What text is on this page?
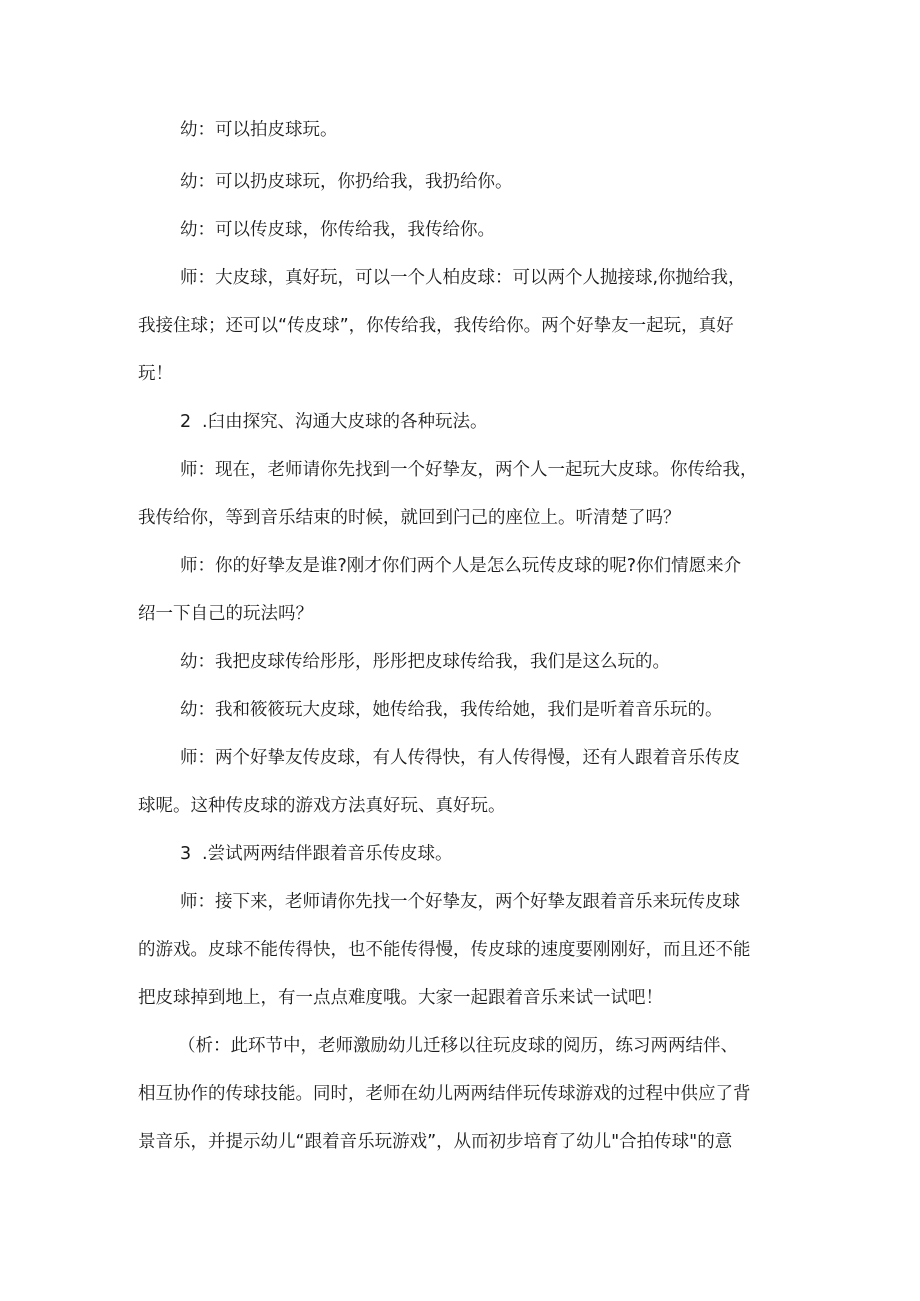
幼：可以拍皮球玩。

幼：可以扔皮球玩，你扔给我，我扔给你。

幼：可以传皮球，你传给我，我传给你。

师：大皮球，真好玩，可以一个人柏皮球：可以两个人抛接球,你抛给我，
我接住球；还可以“传皮球”，你传给我，我传给你。两个好挚友一起玩，真好
玩！

2 .臼由探究、沟通大皮球的各种玩法。

师：现在，老师请你先找到一个好挚友，两个人一起玩大皮球。你传给我，
我传给你，等到音乐结束的时候，就回到闩己的座位上。听清楚了吗？

师：你的好挚友是谁?刚才你们两个人是怎么玩传皮球的呢?你们情愿来介
绍一下自己的玩法吗？

幼：我把皮球传给彤彤，彤彤把皮球传给我，我们是这么玩的。

幼：我和筱筱玩大皮球，她传给我，我传给她，我们是听着音乐玩的。

师：两个好挚友传皮球，有人传得快，有人传得慢，还有人跟着音乐传皮
球呢。这种传皮球的游戏方法真好玩、真好玩。

3 .尝试两两结伴跟着音乐传皮球。

师：接下来，老师请你先找一个好挚友，两个好挚友跟着音乐来玩传皮球
的游戏。皮球不能传得快，也不能传得慢，传皮球的速度要刚刚好，而且还不能
把皮球掉到地上，有一点点难度哦。大家一起跟着音乐来试一试吧！

（析：此环节中，老师激励幼儿迁移以往玩皮球的阅历，练习两两结伴、
相互协作的传球技能。同时，老师在幼儿两两结伴玩传球游戏的过程中供应了背
景音乐，并提示幼儿“跟着音乐玩游戏”，从而初步培育了幼儿"合拍传球"的意
